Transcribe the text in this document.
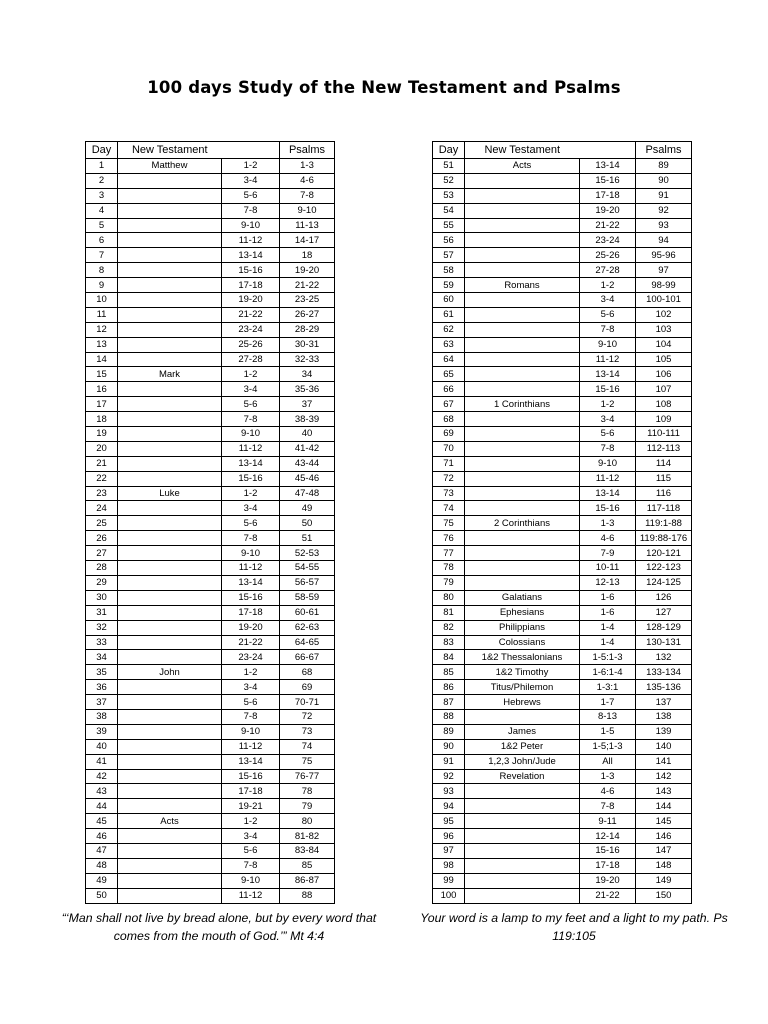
100 days Study of the New Testament and Psalms
Day	New Testament		Psalms
1	Matthew	1-2	1-3
2		3-4	4-6
3		5-6	7-8
4		7-8	9-10
5		9-10	11-13
6		11-12	14-17
7		13-14	18
8		15-16	19-20
9		17-18	21-22
10		19-20	23-25
11		21-22	26-27
12		23-24	28-29
13		25-26	30-31
14		27-28	32-33
15	Mark	1-2	34
16		3-4	35-36
17		5-6	37
18		7-8	38-39
19		9-10	40
20		11-12	41-42
21		13-14	43-44
22		15-16	45-46
23	Luke	1-2	47-48
24		3-4	49
25		5-6	50
26		7-8	51
27		9-10	52-53
28		11-12	54-55
29		13-14	56-57
30		15-16	58-59
31		17-18	60-61
32		19-20	62-63
33		21-22	64-65
34		23-24	66-67
35	John	1-2	68
36		3-4	69
37		5-6	70-71
38		7-8	72
39		9-10	73
40		11-12	74
41		13-14	75
42		15-16	76-77
43		17-18	78
44		19-21	79
45	Acts	1-2	80
46		3-4	81-82
47		5-6	83-84
48		7-8	85
49		9-10	86-87
50		11-12	88
Day	New Testament		Psalms
51	Acts	13-14	89
52		15-16	90
53		17-18	91
54		19-20	92
55		21-22	93
56		23-24	94
57		25-26	95-96
58		27-28	97
59	Romans	1-2	98-99
60		3-4	100-101
61		5-6	102
62		7-8	103
63		9-10	104
64		11-12	105
65		13-14	106
66		15-16	107
67	1 Corinthians	1-2	108
68		3-4	109
69		5-6	110-111
70		7-8	112-113
71		9-10	114
72		11-12	115
73		13-14	116
74		15-16	117-118
75	2 Corinthians	1-3	119:1-88
76		4-6	119:88-176
77		7-9	120-121
78		10-11	122-123
79		12-13	124-125
80	Galatians	1-6	126
81	Ephesians	1-6	127
82	Philippians	1-4	128-129
83	Colossians	1-4	130-131
84	1&2 Thessalonians	1-5:1-3	132
85	1&2 Timothy	1-6:1-4	133-134
86	Titus/Philemon	1-3:1	135-136
87	Hebrews	1-7	137
88		8-13	138
89	James	1-5	139
90	1&2 Peter	1-5;1-3	140
91	1,2,3 John/Jude	All	141
92	Revelation	1-3	142
93		4-6	143
94		7-8	144
95		9-11	145
96		12-14	146
97		15-16	147
98		17-18	148
99		19-20	149
100		21-22	150
“‘Man shall not live by bread alone, but by every word that comes from the mouth of God.’” Mt 4:4
Your word is a lamp to my feet and a light to my path. Ps 119:105
